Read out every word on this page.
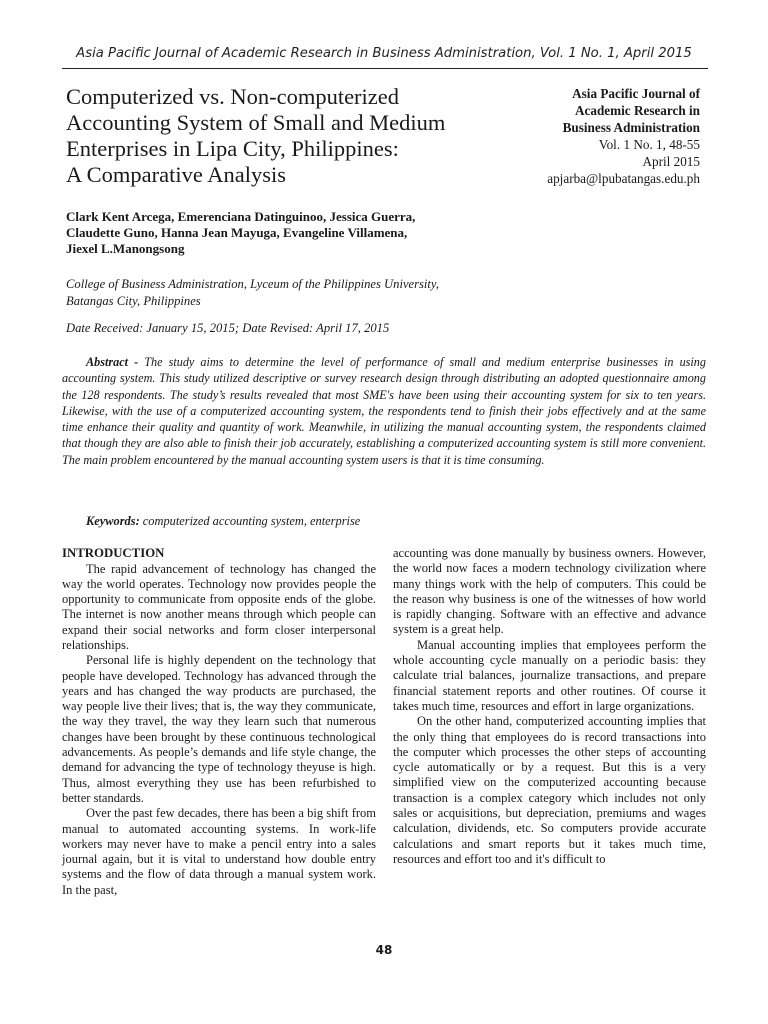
Asia Pacific Journal of Academic Research in Business Administration, Vol. 1 No. 1, April 2015
Computerized vs. Non-computerized
Accounting System of Small and Medium
Enterprises in Lipa City, Philippines:
A Comparative Analysis
Asia Pacific Journal of
Academic Research in
Business Administration
Vol. 1 No. 1, 48-55
April 2015
apjarba@lpubatangas.edu.ph
Clark Kent Arcega, Emerenciana Datinguinoo, Jessica Guerra,
Claudette Guno, Hanna Jean Mayuga, Evangeline Villamena,
Jiexel L.Manongsong
College of Business Administration, Lyceum of the Philippines University,
Batangas City, Philippines
Date Received: January 15, 2015; Date Revised: April 17, 2015

Abstract - The study aims to determine the level of performance of small and medium enterprise businesses in using accounting system. This study utilized descriptive or survey research design through distributing an adopted questionnaire among the 128 respondents. The study’s results revealed that most SME's have been using their accounting system for six to ten years. Likewise, with the use of a computerized accounting system, the respondents tend to finish their jobs effectively and at the same time enhance their quality and quantity of work. Meanwhile, in utilizing the manual accounting system, the respondents claimed that though they are also able to finish their job accurately, establishing a computerized accounting system is still more convenient. The main problem encountered by the manual accounting system users is that it is time consuming.

Keywords: computerized accounting system, enterprise
INTRODUCTION

The rapid advancement of technology has changed the way the world operates. Technology now provides people the opportunity to communicate from opposite ends of the globe. The internet is now another means through which people can expand their social networks and form closer interpersonal relationships.

Personal life is highly dependent on the technology that people have developed. Technology has advanced through the years and has changed the way products are purchased, the way people live their lives; that is, the way they communicate, the way they travel, the way they learn such that numerous changes have been brought by these continuous technological advancements. As people’s demands and life style change, the demand for advancing the type of technology theyuse is high. Thus, almost everything they use has been refurbished to better standards.

Over the past few decades, there has been a big shift from manual to automated accounting systems. In work-life workers may never have to make a pencil entry into a sales journal again, but it is vital to understand how double entry systems and the flow of data through a manual system work. In the past,

accounting was done manually by business owners. However, the world now faces a modern technology civilization where many things work with the help of computers. This could be the reason why business is one of the witnesses of how world is rapidly changing. Software with an effective and advance system is a great help.

Manual accounting implies that employees perform the whole accounting cycle manually on a periodic basis: they calculate trial balances, journalize transactions, and prepare financial statement reports and other routines. Of course it takes much time, resources and effort in large organizations.

On the other hand, computerized accounting implies that the only thing that employees do is record transactions into the computer which processes the other steps of accounting cycle automatically or by a request. But this is a very simplified view on the computerized accounting because transaction is a complex category which includes not only sales or acquisitions, but depreciation, premiums and wages calculation, dividends, etc. So computers provide accurate calculations and smart reports but it takes much time, resources and effort too and it's difficult to

48
